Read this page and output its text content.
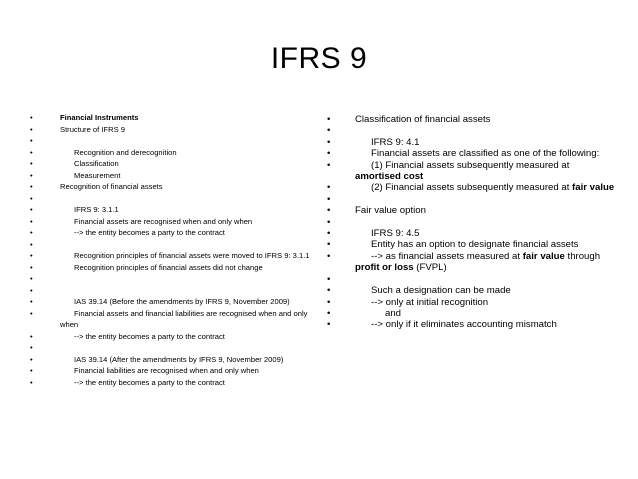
IFRS 9
•	Financial Instruments
•	Structure of IFRS 9
•

•	Recognition and derecognition
•	Classification
•	Measurement
•	Recognition of financial assets
•

•	IFRS 9: 3.1.1
•	Financial assets are recognised when and only when
•	--> the entity becomes a party to the contract
•

•	Recognition principles of financial assets were moved to IFRS 9: 3.1.1
•	Recognition principles of financial assets did not change
•

•

•	IAS 39.14 (Before the amendments by IFRS 9, November 2009)
•	Financial assets and financial liabilities are recognised when and only when
•	--> the entity becomes a party to the contract
•

•	IAS 39.14 (After the amendments by IFRS 9, November 2009)
•	Financial liabilities are recognised when and only when
•	--> the entity becomes a party to the contract
•	Classification of financial assets
•

•	IFRS 9: 4.1
•	Financial assets are classified as one of the following:
•	(1) Financial assets subsequently measured at amortised cost
•	(2) Financial assets subsequently measured at fair value
•

•	Fair value option
•

•	IFRS 9: 4.5
•	Entity has an option to designate financial assets
•	--> as financial assets measured at fair value through profit or loss (FVPL)
•

•	Such a designation can be made
•	--> only at initial recognition
•	and
•	--> only if it eliminates accounting mismatch
